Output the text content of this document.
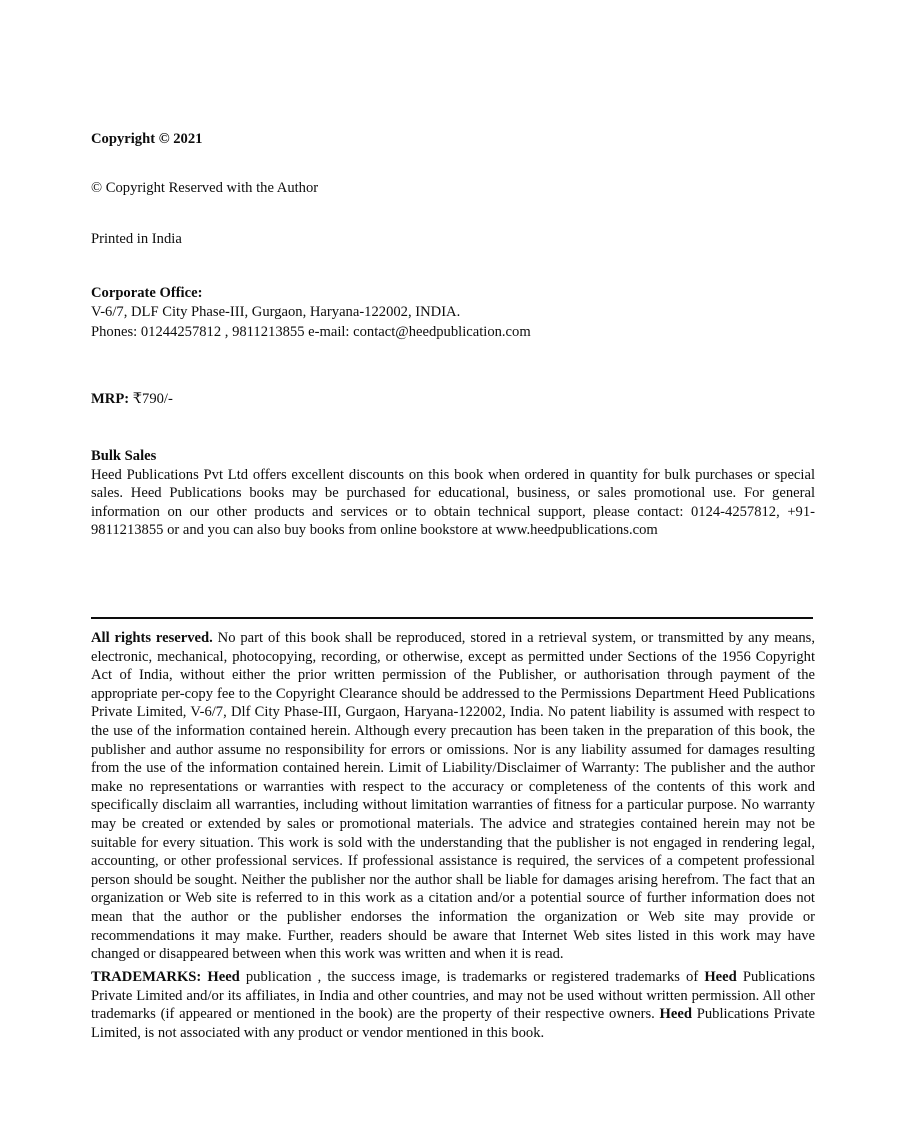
Copyright © 2021

© Copyright Reserved with the Author

Printed in India

Corporate Office:

V-6/7, DLF City Phase-III, Gurgaon, Haryana-122002, INDIA.

Phones: 01244257812 , 9811213855 e-mail: contact@heedpublication.com

MRP: ₹790/-

Bulk Sales

Heed Publications Pvt Ltd offers excellent discounts on this book when ordered in quantity for bulk purchases or special sales. Heed Publications books may be purchased for educational, business, or sales promotional use. For general information on our other products and services or to obtain technical support, please contact: 0124-4257812, +91-9811213855 or and you can also buy books from online bookstore at www.heedpublications.com

All rights reserved. No part of this book shall be reproduced, stored in a retrieval system, or transmitted by any means, electronic, mechanical, photocopying, recording, or otherwise, except as permitted under Sections of the 1956 Copyright Act of India, without either the prior written permission of the Publisher, or authorisation through payment of the appropriate per-copy fee to the Copyright Clearance should be addressed to the Permissions Department Heed Publications Private Limited, V-6/7, Dlf City Phase-III, Gurgaon, Haryana-122002, India. No patent liability is assumed with respect to the use of the information contained herein. Although every precaution has been taken in the preparation of this book, the publisher and author assume no responsibility for errors or omissions. Nor is any liability assumed for damages resulting from the use of the information contained herein. Limit of Liability/Disclaimer of Warranty: The publisher and the author make no representations or warranties with respect to the accuracy or completeness of the contents of this work and specifically disclaim all warranties, including without limitation warranties of fitness for a particular purpose. No warranty may be created or extended by sales or promotional materials. The advice and strategies contained herein may not be suitable for every situation. This work is sold with the understanding that the publisher is not engaged in rendering legal, accounting, or other professional services. If professional assistance is required, the services of a competent professional person should be sought. Neither the publisher nor the author shall be liable for damages arising herefrom. The fact that an organization or Web site is referred to in this work as a citation and/or a potential source of further information does not mean that the author or the publisher endorses the information the organization or Web site may provide or recommendations it may make. Further, readers should be aware that Internet Web sites listed in this work may have changed or disappeared between when this work was written and when it is read.

TRADEMARKS: Heed publication , the success image, is trademarks or registered trademarks of Heed Publications Private Limited and/or its affiliates, in India and other countries, and may not be used without written permission. All other trademarks (if appeared or mentioned in the book) are the property of their respective owners. Heed Publications Private Limited, is not associated with any product or vendor mentioned in this book.
